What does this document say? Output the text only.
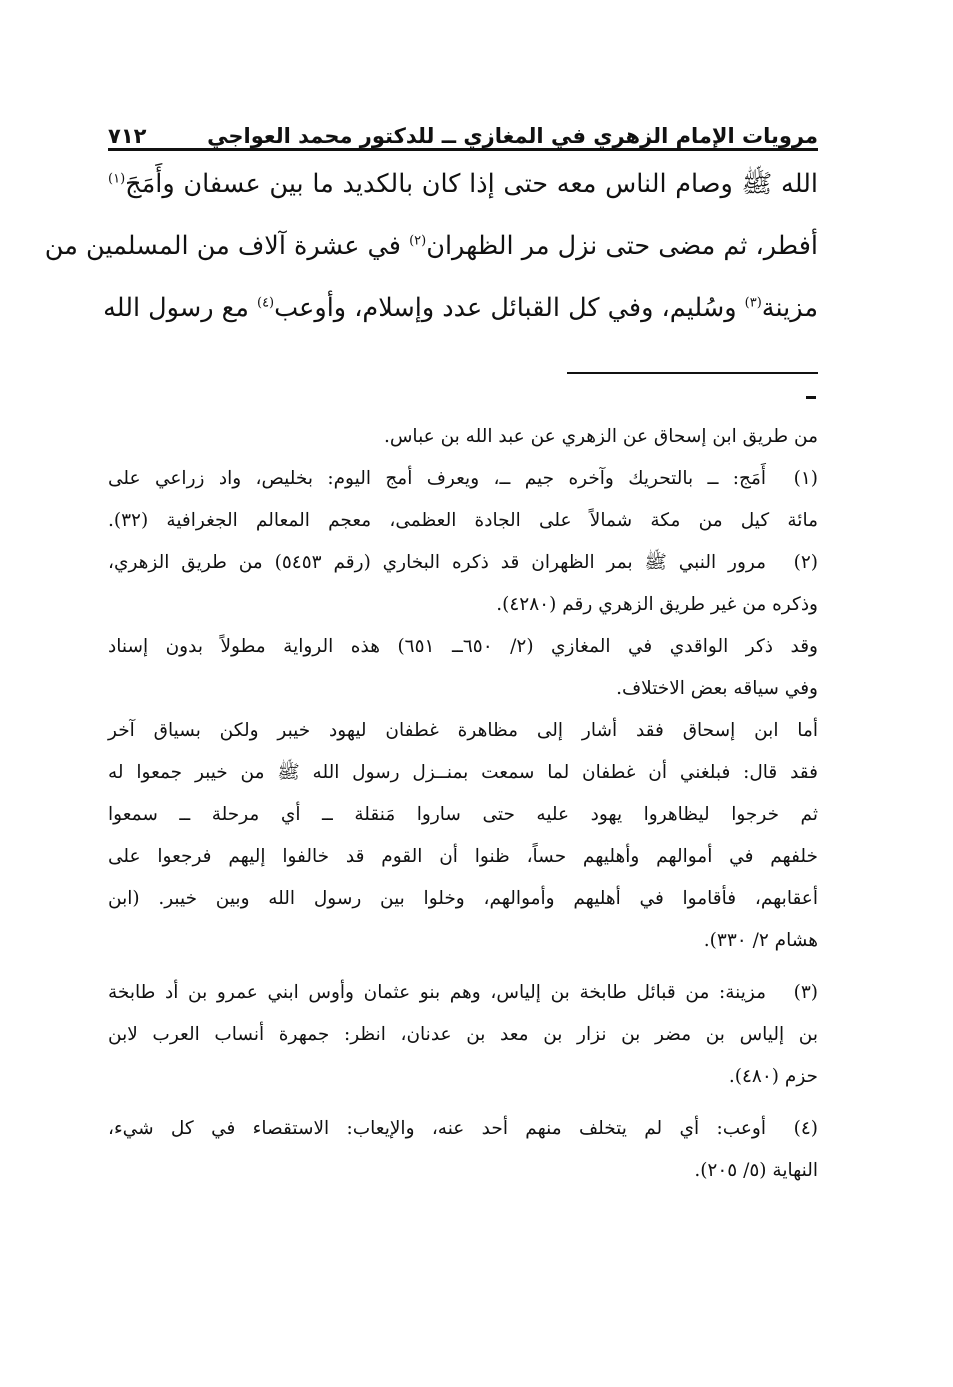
مرويات الإمام الزهري في المغازي ــ للدكتور محمد العواجي
٧١٢
الله ﷺ وصام الناس معه حتى إذا كان بالكديد ما بين عسفان وأَمَجَ$^{(١)}$
أفطر، ثم مضى حتى نزل مر الظهران$^{(٢)}$ في عشرة آلاف من المسلمين من
مزينة$^{(٣)}$ وسُليم، وفي كل القبائل عدد وإسلام، وأوعب$^{(٤)}$ مع رسول الله
من طريق ابن إسحاق عن الزهري عن عبد الله بن عباس.
(١)
أَمَج: ــ بالتحريك وآخره جيم ــ، ويعرف أمج اليوم: بخليص، واد زراعي على
مائة كيل من مكة شمالاً على الجادة العظمى، معجم المعالم الجغرافية (٣٢).
(٢)
مرور النبي ﷺ بمر الظهران قد ذكره البخاري (رقم ٥٤٥٣) من طريق الزهري،
وذكره من غير طريق الزهري رقم (٤٢٨٠).
وقد ذكر الواقدي في المغازي (٢/ ٦٥٠ــ ٦٥١) هذه الرواية مطولاً بدون إسناد
وفي سياقه بعض الاختلاف.
أما ابن إسحاق فقد أشار إلى مظاهرة غطفان ليهود خيبر ولكن بسياق آخر
فقد قال: فبلغني أن غطفان لما سمعت بمنــزل رسول الله ﷺ من خيبر جمعوا له
ثم خرجوا ليظاهروا يهود عليه حتى ساروا مَنقلة ــ أي مرحلة ــ سمعوا
خلفهم في أموالهم وأهليهم حساً، ظنوا أن القوم قد خالفوا إليهم فرجعوا على
أعقابهم، فأقاموا في أهليهم وأموالهم، وخلوا بين رسول الله وبين خيبر. (ابن
هشام ٢/ ٣٣٠).
(٣)
مزينة: من قبائل طابخة بن إلياس، وهم بنو عثمان وأوس ابني عمرو بن أد طابخة
بن إلياس بن مضر بن نزار بن معد بن عدنان، انظر: جمهرة أنساب العرب لابن
حزم (٤٨٠).
(٤)
أوعب: أي لم يتخلف منهم أحد عنه، والإيعاب: الاستقصاء في كل شيء،
النهاية (٥/ ٢٠٥).
